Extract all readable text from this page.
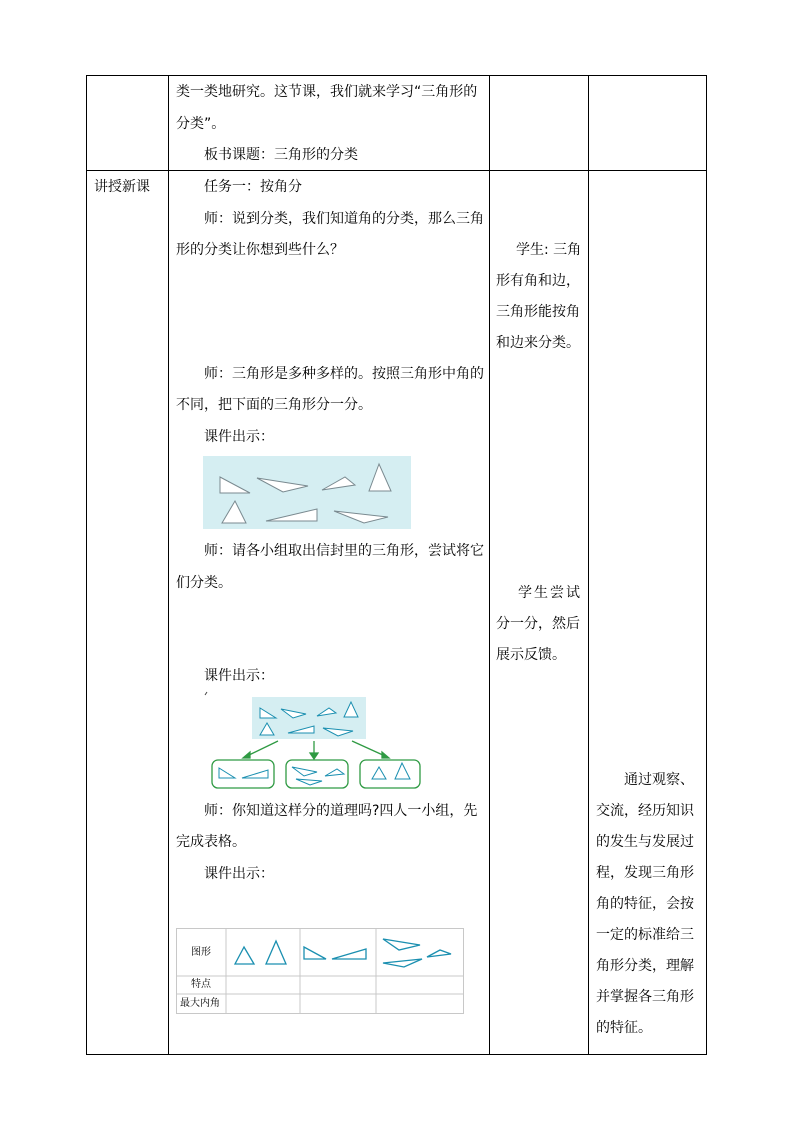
类一类地研究。这节课，我们就来学习“三角形的
分类”。
板书课题：三角形的分类
讲授新课	任务一：按角分
师：说到分类，我们知道角的分类，那么三角
形的分类让你想到些什么？
师：三角形是多种多样的。按照三角形中角的
不同，把下面的三角形分一分。
课件出示：
师：请各小组取出信封里的三角形，尝试将它
们分类。
课件出示：
师：你知道这样分的道理吗?四人一小组，先
完成表格。
课件出示：
图形
特点
最大内角
学生: 三角
形有角和边，
三角形能按角
和边来分类。
学生尝试
分一分，然后
展示反馈。
通过观察、
交流，经历知识
的发生与发展过
程，发现三角形
角的特征，会按
一定的标准给三
角形分类，理解
并掌握各三角形
的特征。
